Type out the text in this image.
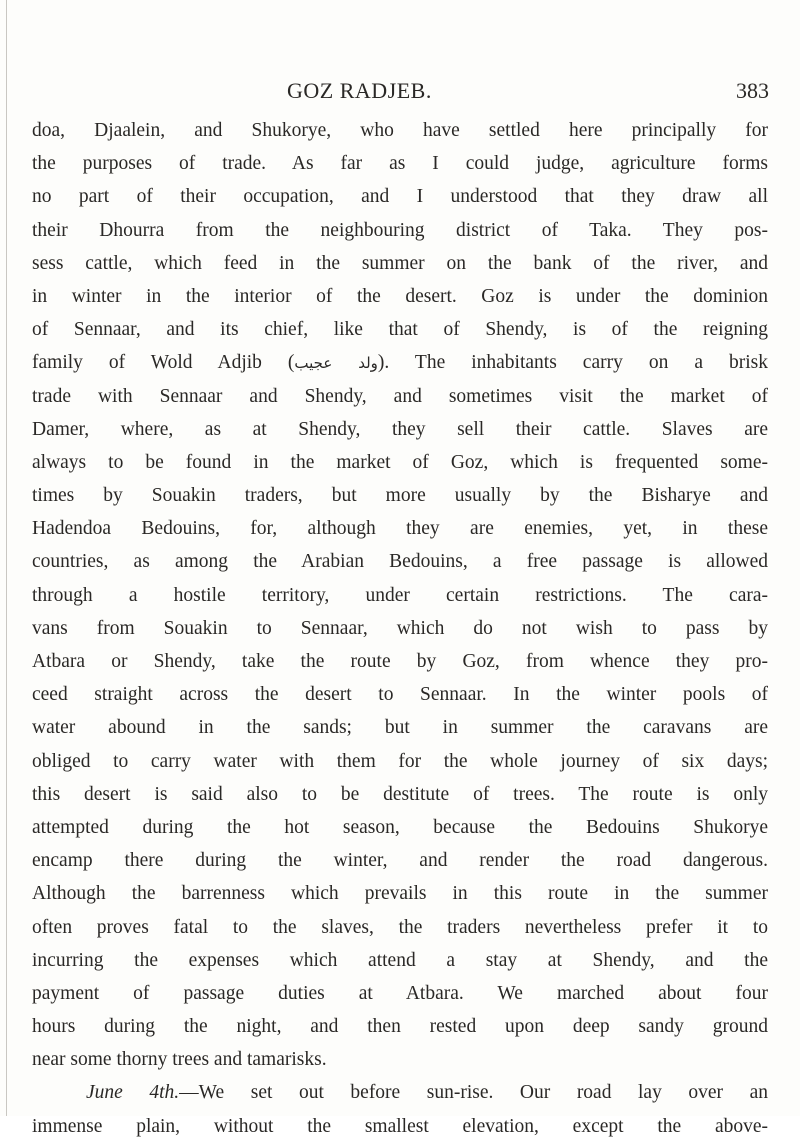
GOZ RADJEB.	383
doa, Djaalein, and Shukorye, who have settled here principally for
the purposes of trade. As far as I could judge, agriculture forms
no part of their occupation, and I understood that they draw all
their Dhourra from the neighbouring district of Taka. They pos-
sess cattle, which feed in the summer on the bank of the river, and
in winter in the interior of the desert. Goz is under the dominion
of Sennaar, and its chief, like that of Shendy, is of the reigning
family of Wold Adjib (ولد عجيب). The inhabitants carry on a brisk
trade with Sennaar and Shendy, and sometimes visit the market of
Damer, where, as at Shendy, they sell their cattle. Slaves are
always to be found in the market of Goz, which is frequented some-
times by Souakin traders, but more usually by the Bisharye and
Hadendoa Bedouins, for, although they are enemies, yet, in these
countries, as among the Arabian Bedouins, a free passage is allowed
through a hostile territory, under certain restrictions. The cara-
vans from Souakin to Sennaar, which do not wish to pass by
Atbara or Shendy, take the route by Goz, from whence they pro-
ceed straight across the desert to Sennaar. In the winter pools of
water abound in the sands; but in summer the caravans are
obliged to carry water with them for the whole journey of six days;
this desert is said also to be destitute of trees. The route is only
attempted during the hot season, because the Bedouins Shukorye
encamp there during the winter, and render the road dangerous.
Although the barrenness which prevails in this route in the summer
often proves fatal to the slaves, the traders nevertheless prefer it to
incurring the expenses which attend a stay at Shendy, and the
payment of passage duties at Atbara. We marched about four
hours during the night, and then rested upon deep sandy ground
near some thorny trees and tamarisks.
June 4th.—We set out before sun-rise. Our road lay over an
immense plain, without the smallest elevation, except the above-
